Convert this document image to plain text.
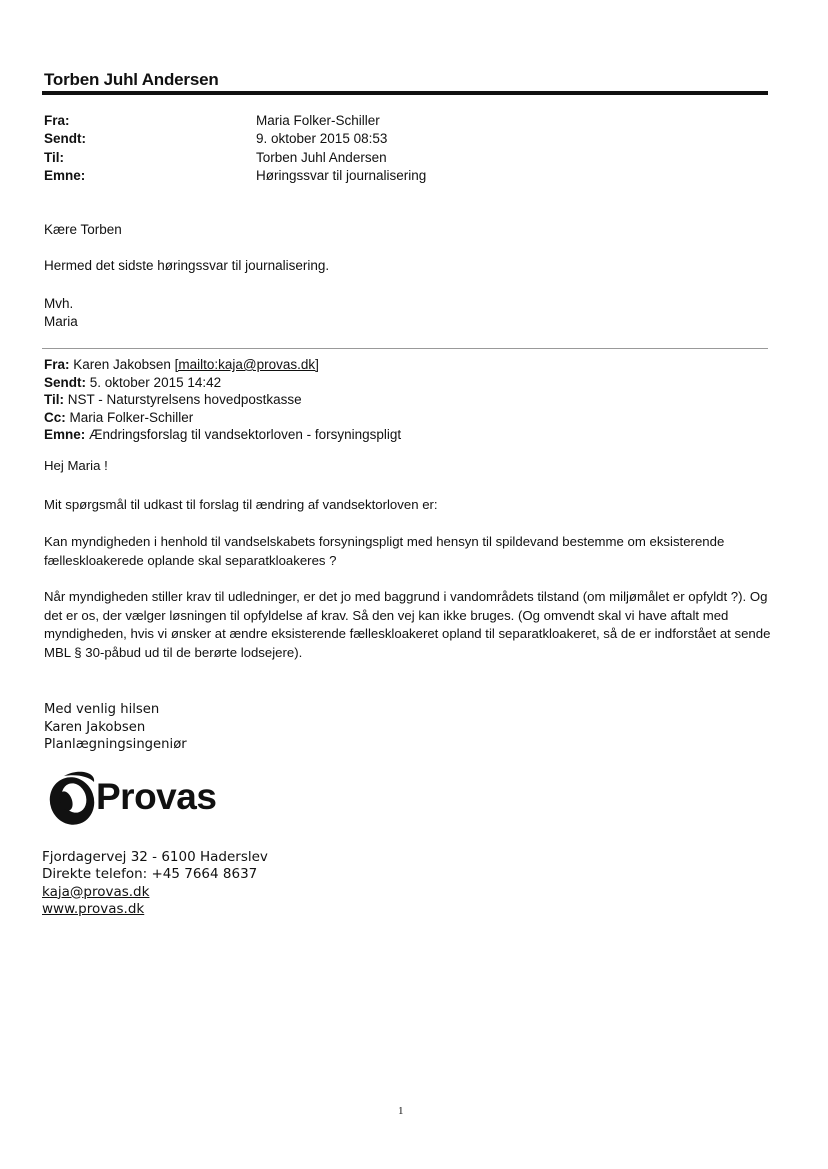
Torben Juhl Andersen
Fra:	Maria Folker-Schiller
Sendt:	9. oktober 2015 08:53
Til:	Torben Juhl Andersen
Emne:	Høringssvar til journalisering
Kære Torben
Hermed det sidste høringssvar til journalisering.
Mvh.
Maria
Fra: Karen Jakobsen [mailto:kaja@provas.dk]
Sendt: 5. oktober 2015 14:42
Til: NST - Naturstyrelsens hovedpostkasse
Cc: Maria Folker-Schiller
Emne: Ændringsforslag til vandsektorloven - forsyningspligt
Hej Maria !
Mit spørgsmål til udkast til forslag til ændring af vandsektorloven er:
Kan myndigheden i henhold til vandselskabets forsyningspligt med hensyn til spildevand bestemme om eksisterende fælleskloakerede oplande skal separatkloakeres ?
Når myndigheden stiller krav til udledninger, er det jo med baggrund i vandområdets tilstand (om miljømålet er opfyldt ?). Og det er os, der vælger løsningen til opfyldelse af krav. Så den vej kan ikke bruges. (Og omvendt skal vi have aftalt med myndigheden, hvis vi ønsker at ændre eksisterende fælleskloakeret opland til separatkloakeret, så de er indforstået at sende MBL § 30-påbud ud til de berørte lodsejere).
Med venlig hilsen
Karen Jakobsen
Planlægningsingeniør
Provas
Fjordagervej 32 - 6100 Haderslev
Direkte telefon: +45 7664 8637
kaja@provas.dk
www.provas.dk
1
